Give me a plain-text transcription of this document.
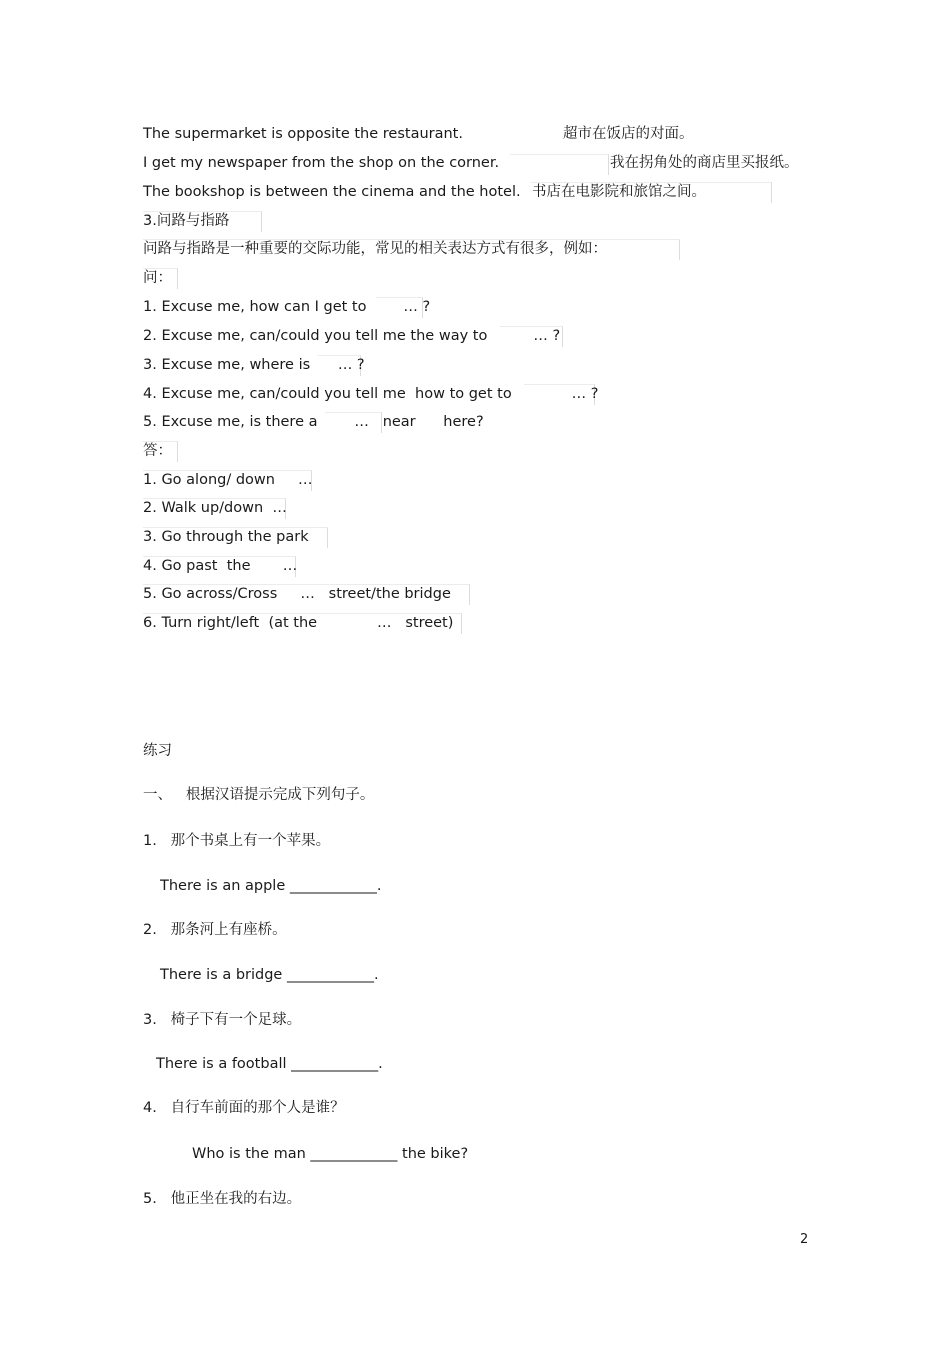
The supermarket is opposite the restaurant.	超市在饭店的对面。
I get my newspaper from the shop on the corner.	我在拐角处的商店里买报纸。
The bookshop is between the cinema and the hotel. 书店在电影院和旅馆之间。
3.问路与指路
问路与指路是一种重要的交际功能，常见的相关表达方式有很多，例如：
问：
1. Excuse me, how can I get to        … ?
2. Excuse me, can/could you tell me the way to          … ?
3. Excuse me, where is      … ?
4. Excuse me, can/could you tell me  how to get to             … ?
5. Excuse me, is there a        …   near      here?
答：
1. Go along/ down     …
2. Walk up/down  …
3. Go through the park
4. Go past  the       …
5. Go across/Cross     …   street/the bridge
6. Turn right/left  (at the             …   street)
练习
一、   根据汉语提示完成下列句子。
1.   那个书桌上有一个苹果。
There is an apple ____________.
2.   那条河上有座桥。
There is a bridge ____________.
3.   椅子下有一个足球。
There is a football ____________.
4.   自行车前面的那个人是谁？
Who is the man ____________ the bike?
5.   他正坐在我的右边。
2
